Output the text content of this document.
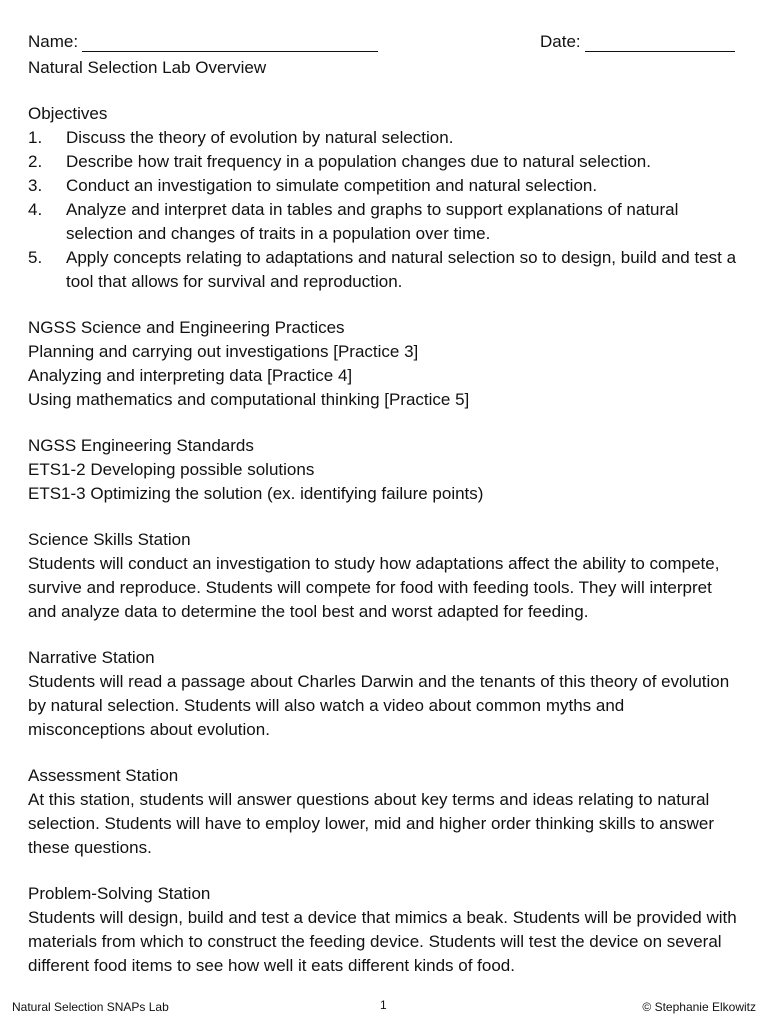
Name:	Date:
Natural Selection Lab Overview
Objectives
1. Discuss the theory of evolution by natural selection.
2. Describe how trait frequency in a population changes due to natural selection.
3. Conduct an investigation to simulate competition and natural selection.
4. Analyze and interpret data in tables and graphs to support explanations of natural selection and changes of traits in a population over time.
5. Apply concepts relating to adaptations and natural selection so to design, build and test a tool that allows for survival and reproduction.
NGSS Science and Engineering Practices
Planning and carrying out investigations [Practice 3]
Analyzing and interpreting data [Practice 4]
Using mathematics and computational thinking [Practice 5]
NGSS Engineering Standards
ETS1-2 Developing possible solutions
ETS1-3 Optimizing the solution (ex. identifying failure points)
Science Skills Station
Students will conduct an investigation to study how adaptations affect the ability to compete, survive and reproduce. Students will compete for food with feeding tools. They will interpret and analyze data to determine the tool best and worst adapted for feeding.
Narrative Station
Students will read a passage about Charles Darwin and the tenants of this theory of evolution by natural selection. Students will also watch a video about common myths and misconceptions about evolution.
Assessment Station
At this station, students will answer questions about key terms and ideas relating to natural selection. Students will have to employ lower, mid and higher order thinking skills to answer these questions.
Problem-Solving Station
Students will design, build and test a device that mimics a beak. Students will be provided with materials from which to construct the feeding device. Students will test the device on several different food items to see how well it eats different kinds of food.
Natural Selection SNAPs Lab	1	© Stephanie Elkowitz
